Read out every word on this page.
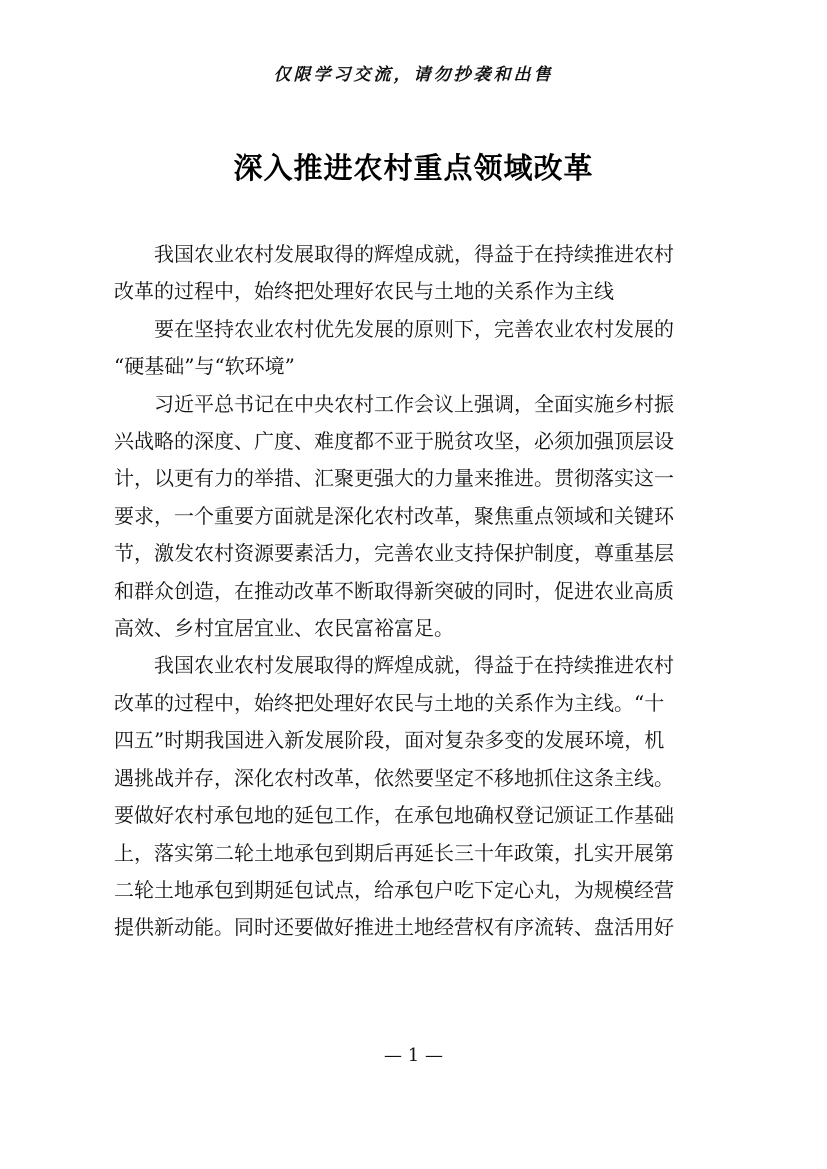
仅限学习交流，请勿抄袭和出售
深入推进农村重点领域改革

我国农业农村发展取得的辉煌成就，得益于在持续推进农村

改革的过程中，始终把处理好农民与土地的关系作为主线

要在坚持农业农村优先发展的原则下，完善农业农村发展的

“硬基础”与“软环境”

习近平总书记在中央农村工作会议上强调，全面实施乡村振

兴战略的深度、广度、难度都不亚于脱贫攻坚，必须加强顶层设

计，以更有力的举措、汇聚更强大的力量来推进。贯彻落实这一

要求，一个重要方面就是深化农村改革，聚焦重点领域和关键环

节，激发农村资源要素活力，完善农业支持保护制度，尊重基层

和群众创造，在推动改革不断取得新突破的同时，促进农业高质

高效、乡村宜居宜业、农民富裕富足。

我国农业农村发展取得的辉煌成就，得益于在持续推进农村

改革的过程中，始终把处理好农民与土地的关系作为主线。“十

四五”时期我国进入新发展阶段，面对复杂多变的发展环境，机

遇挑战并存，深化农村改革，依然要坚定不移地抓住这条主线。

要做好农村承包地的延包工作，在承包地确权登记颁证工作基础

上，落实第二轮土地承包到期后再延长三十年政策，扎实开展第

二轮土地承包到期延包试点，给承包户吃下定心丸，为规模经营

提供新动能。同时还要做好推进土地经营权有序流转、盘活用好

— 1 —
